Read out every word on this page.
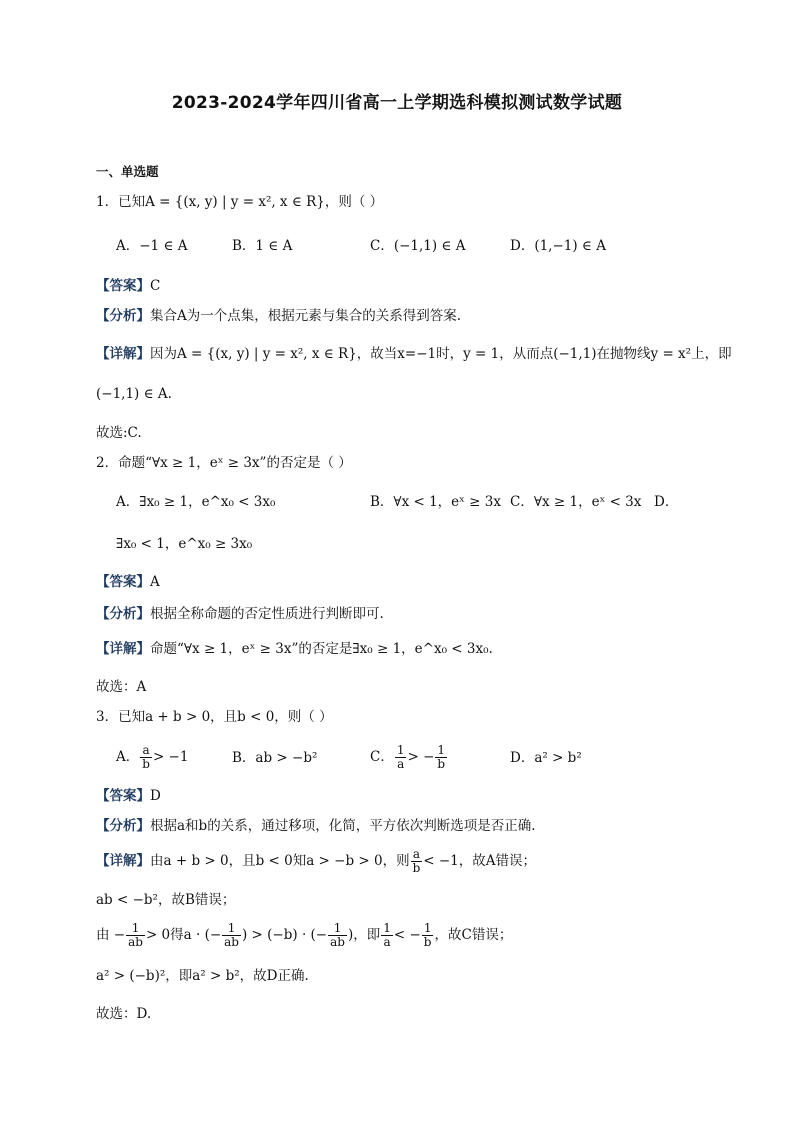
2023-2024学年四川省高一上学期选科模拟测试数学试题
一、单选题
1．已知A = {(x, y) | y = x², x ∈ R}，则（ ）
A．−1 ∈ A	B．1 ∈ A	C．(−1,1) ∈ A	D．(1,−1) ∈ A
【答案】C
【分析】集合A为一个点集，根据元素与集合的关系得到答案.
【详解】因为A = {(x, y) | y = x², x ∈ R}，故当x=−1时，y = 1，从而点(−1,1)在抛物线y = x²上，即
(−1,1) ∈ A.
故选:C.
2．命题“∀x ≥ 1，eˣ ≥ 3x”的否定是（ ）
A．∃x₀ ≥ 1，e^x₀ < 3x₀	B．∀x < 1，eˣ ≥ 3x C．∀x ≥ 1，eˣ < 3x D．
∃x₀ < 1，e^x₀ ≥ 3x₀
【答案】A
【分析】根据全称命题的否定性质进行判断即可.
【详解】命题“∀x ≥ 1，eˣ ≥ 3x”的否定是∃x₀ ≥ 1，e^x₀ < 3x₀.
故选：A
3．已知a + b > 0，且b < 0，则（ ）
A． $\frac{a}{b} > -1$	B．ab > −b²	C． $\frac{1}{a}$ > − $\frac{1}{b}$	D．a² > b²
【答案】D
【分析】根据a和b的关系，通过移项，化简，平方依次判断选项是否正确.
【详解】由a + b > 0，且b < 0知a > −b > 0，则 $\frac{a}{b} < -1$，故A错误；
ab < −b²，故B错误；
由 − $\frac{1}{ab} > 0$得a · (− $\frac{1}{ab}$ ) > (−b) · (− $\frac{1}{ab}$ )，即 $\frac{1}{a}$ < − $\frac{1}{b}$ ，故C错误；
a² > (−b)²，即a² > b²，故D正确.
故选：D.
